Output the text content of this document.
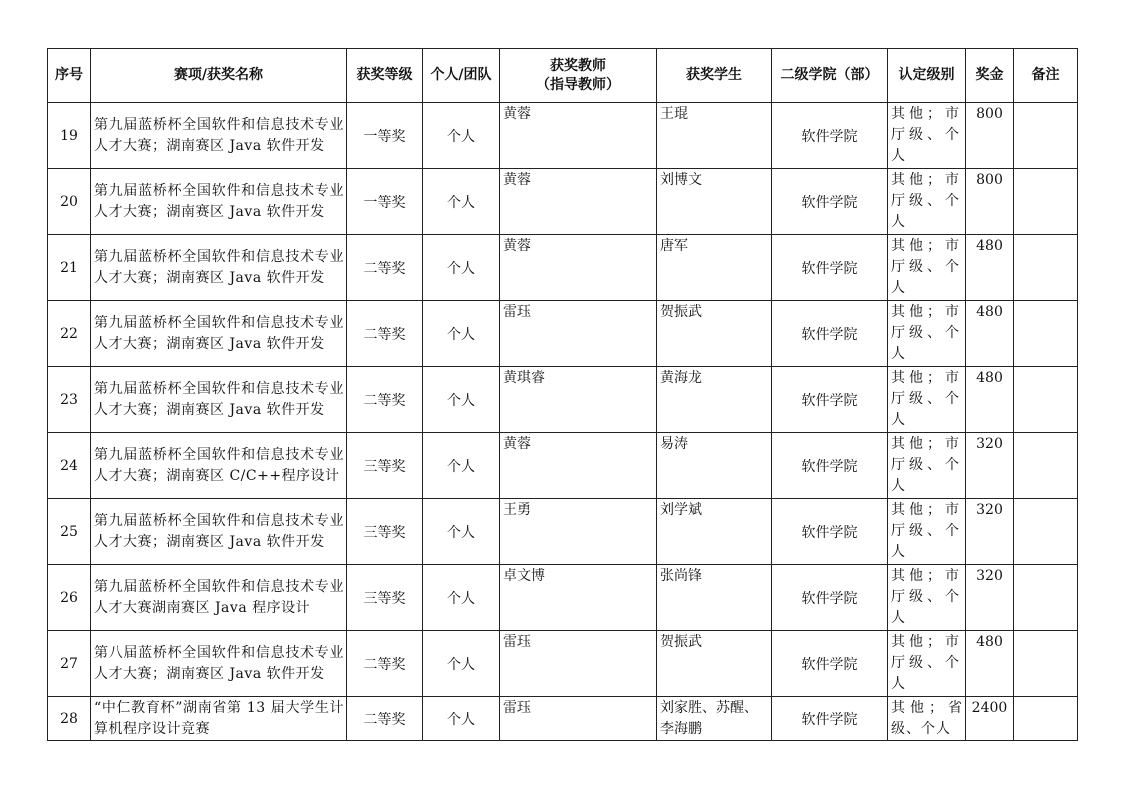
序号	赛项/获奖名称	获奖等级	个人/团队	获奖教师
（指导教师）	获奖学生	二级学院（部）	认定级别	奖金	备注
19	第九届蓝桥杯全国软件和信息技术专业人才大赛；湖南赛区 Java 软件开发	一等奖	个人	黄蓉	王琨	软件学院	其他；市厅级、个人	800	
20	第九届蓝桥杯全国软件和信息技术专业人才大赛；湖南赛区 Java 软件开发	一等奖	个人	黄蓉	刘博文	软件学院	其他；市厅级、个人	800	
21	第九届蓝桥杯全国软件和信息技术专业人才大赛；湖南赛区 Java 软件开发	二等奖	个人	黄蓉	唐军	软件学院	其他；市厅级、个人	480	
22	第九届蓝桥杯全国软件和信息技术专业人才大赛；湖南赛区 Java 软件开发	二等奖	个人	雷珏	贺振武	软件学院	其他；市厅级、个人	480	
23	第九届蓝桥杯全国软件和信息技术专业人才大赛；湖南赛区 Java 软件开发	二等奖	个人	黄琪睿	黄海龙	软件学院	其他；市厅级、个人	480	
24	第九届蓝桥杯全国软件和信息技术专业人才大赛；湖南赛区 C/C++程序设计	三等奖	个人	黄蓉	易涛	软件学院	其他；市厅级、个人	320	
25	第九届蓝桥杯全国软件和信息技术专业人才大赛；湖南赛区 Java 软件开发	三等奖	个人	王勇	刘学斌	软件学院	其他；市厅级、个人	320	
26	第九届蓝桥杯全国软件和信息技术专业人才大赛湖南赛区 Java 程序设计	三等奖	个人	卓文博	张尚锋	软件学院	其他；市厅级、个人	320	
27	第八届蓝桥杯全国软件和信息技术专业人才大赛；湖南赛区 Java 软件开发	二等奖	个人	雷珏	贺振武	软件学院	其他；市厅级、个人	480	
28	“中仁教育杯”湖南省第 13 届大学生计算机程序设计竞赛	二等奖	个人	雷珏	刘家胜、苏醒、李海鹏	软件学院	其他；省级、个人	2400	
